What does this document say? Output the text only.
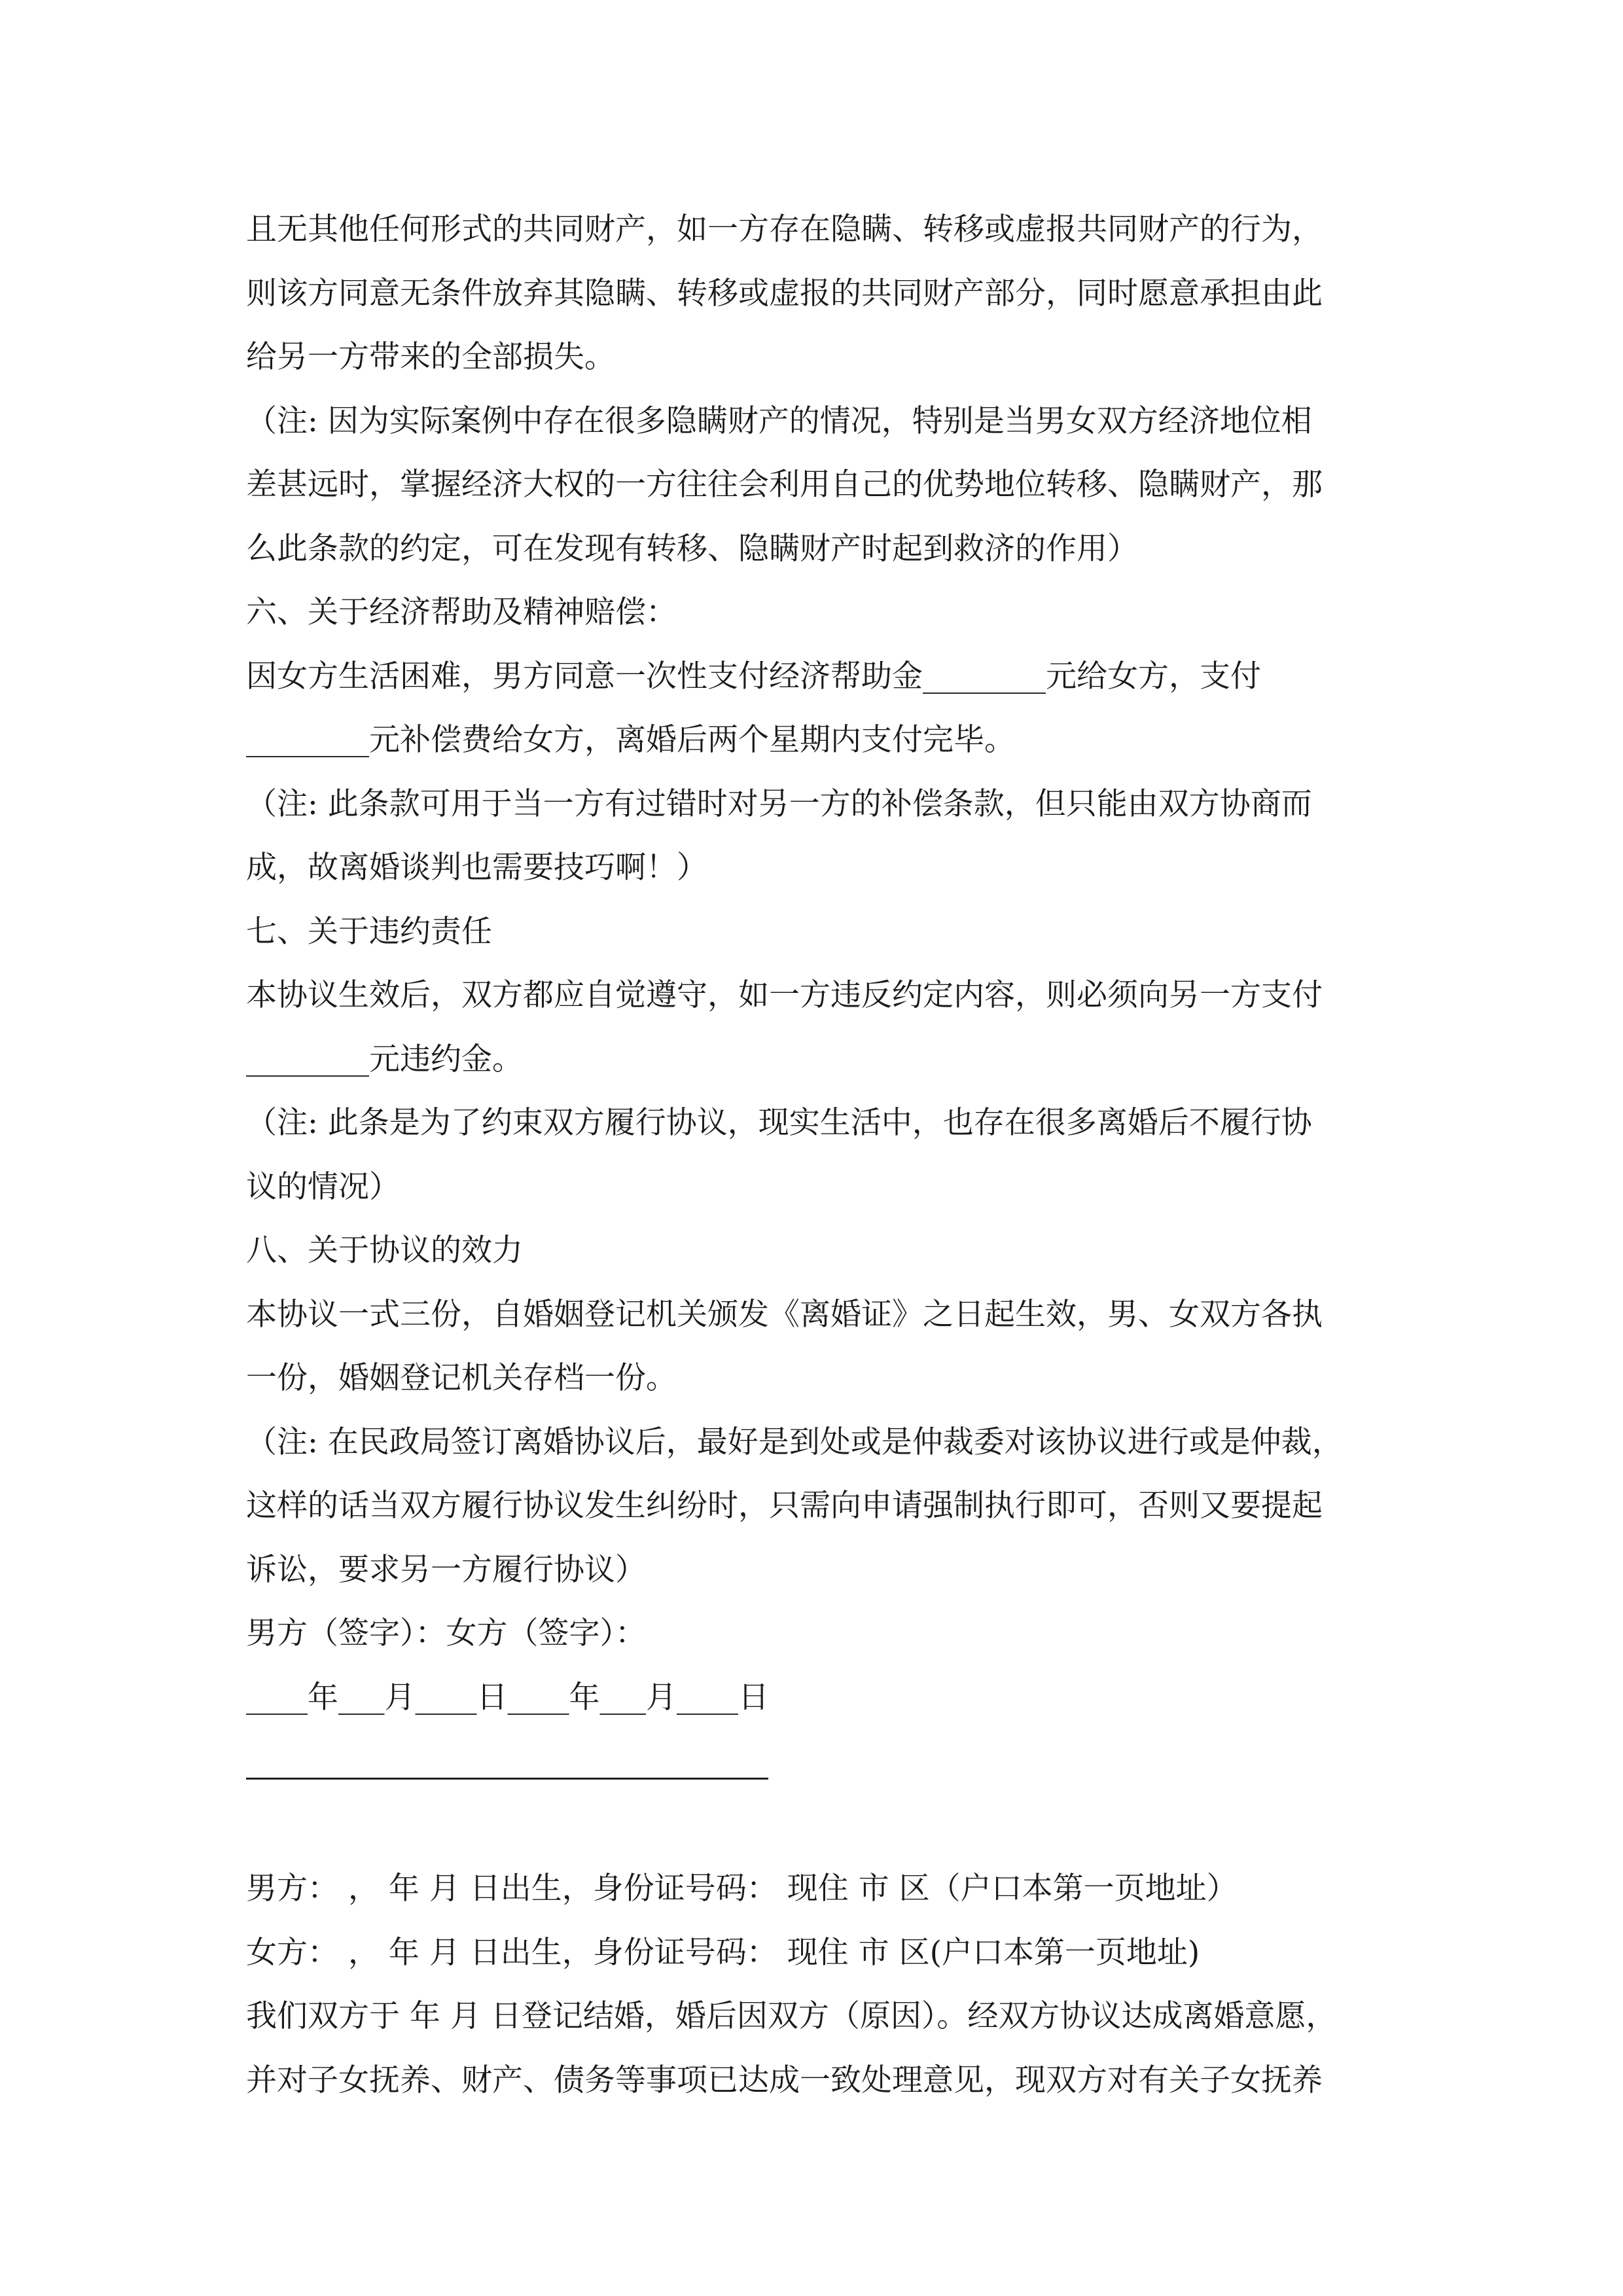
且无其他任何形式的共同财产，如一方存在隐瞒、转移或虚报共同财产的行为，
则该方同意无条件放弃其隐瞒、转移或虚报的共同财产部分，同时愿意承担由此
给另一方带来的全部损失。
（注: 因为实际案例中存在很多隐瞒财产的情况，特别是当男女双方经济地位相
差甚远时，掌握经济大权的一方往往会利用自己的优势地位转移、隐瞒财产，那
么此条款的约定，可在发现有转移、隐瞒财产时起到救济的作用）
六、关于经济帮助及精神赔偿：
因女方生活困难，男方同意一次性支付经济帮助金________元给女方，支付
________元补偿费给女方，离婚后两个星期内支付完毕。
（注: 此条款可用于当一方有过错时对另一方的补偿条款，但只能由双方协商而
成，故离婚谈判也需要技巧啊！）
七、关于违约责任
本协议生效后，双方都应自觉遵守，如一方违反约定内容，则必须向另一方支付
________元违约金。
（注: 此条是为了约束双方履行协议，现实生活中，也存在很多离婚后不履行协
议的情况）
八、关于协议的效力
本协议一式三份，自婚姻登记机关颁发《离婚证》之日起生效，男、女双方各执
一份，婚姻登记机关存档一份。
（注: 在民政局签订离婚协议后，最好是到处或是仲裁委对该协议进行或是仲裁，
这样的话当双方履行协议发生纠纷时，只需向申请强制执行即可，否则又要提起
诉讼，要求另一方履行协议）
男方（签字）：女方（签字）：
____年___月____日____年___月____日
男方： ， 年 月 日出生，身份证号码： 现住 市 区（户口本第一页地址）
女方： ， 年 月 日出生，身份证号码： 现住 市 区(户口本第一页地址)
我们双方于 年 月 日登记结婚，婚后因双方（原因）。经双方协议达成离婚意愿，
并对子女抚养、财产、债务等事项已达成一致处理意见，现双方对有关子女抚养
